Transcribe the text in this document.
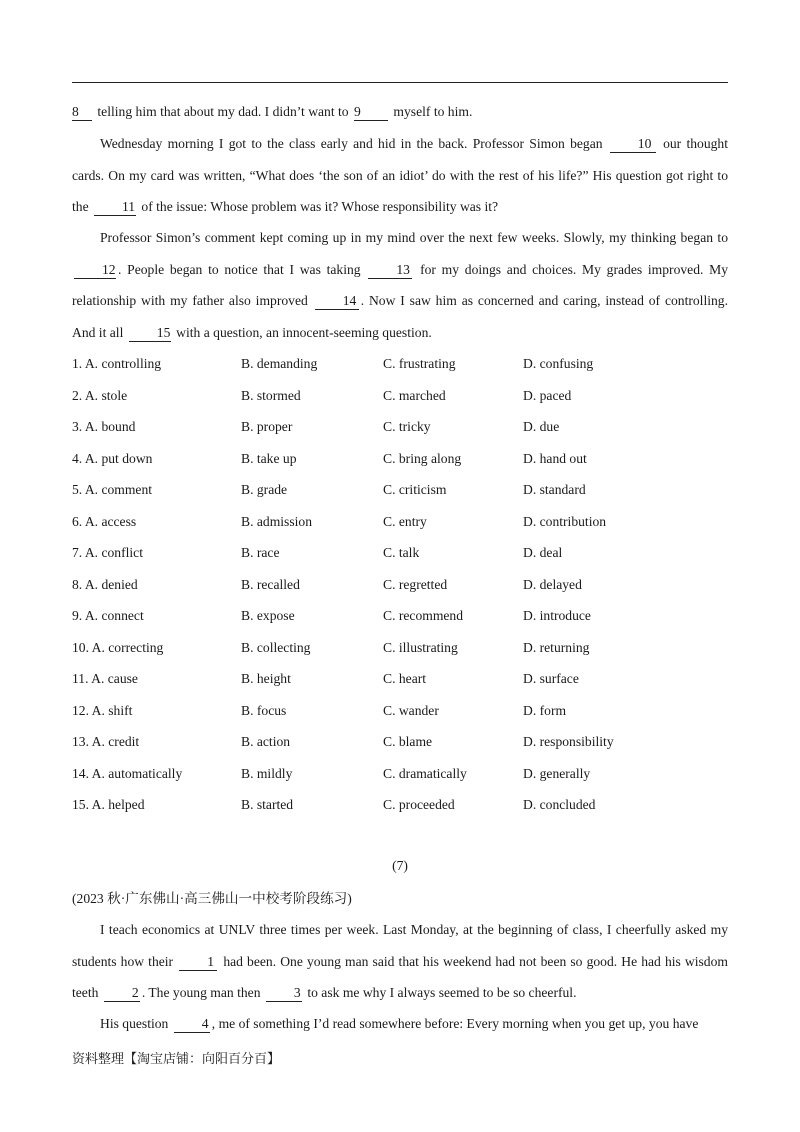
8 telling him that about my dad. I didn’t want to 9 myself to him.

Wednesday morning I got to the class early and hid in the back. Professor Simon began	10 our thought cards. On my card was written, “What does ‘the son of an idiot’ do with the rest of his life?” His question got right to the 11 of the issue: Whose problem was it? Whose responsibility was it?

Professor Simon’s comment kept coming up in my mind over the next few weeks. Slowly, my thinking began to 12 . People began to notice that I was taking	13 for my doings and choices. My grades improved. My relationship with my father also improved	14 . Now I saw him as concerned and caring, instead of controlling. And it all 15 with a question, an innocent-seeming question.

1. A. controlling	B. demanding	C. frustrating	D. confusing
2. A. stole	B. stormed	C. marched	D. paced
3. A. bound	B. proper	C. tricky	D. due
4. A. put down	B. take up	C. bring along	D. hand out
5. A. comment	B. grade	C. criticism	D. standard
6. A. access	B. admission	C. entry	D. contribution
7. A. conflict	B. race	C. talk	D. deal
8. A. denied	B. recalled	C. regretted	D. delayed
9. A. connect	B. expose	C. recommend	D. introduce
10. A. correcting	B. collecting	C. illustrating	D. returning
11. A. cause	B. height	C. heart	D. surface
12. A. shift	B. focus	C. wander	D. form
13. A. credit	B. action	C. blame	D. responsibility
14. A. automatically	B. mildly	C. dramatically	D. generally
15. A. helped	B. started	C. proceeded	D. concluded
(7)
(2023 秋·广东佛山·高三佛山一中校考阶段练习)

I teach economics at UNLV three times per week. Last Monday, at the beginning of class, I cheerfully asked my students how their	1 had been. One young man said that his weekend had not been so good. He had his wisdom teeth 2 . The young man then 3 to ask me why I always seemed to be so cheerful.

His question 4 , me of something I’d read somewhere before: Every morning when you get up, you have

资料整理【淘宝店铺：向阳百分百】
